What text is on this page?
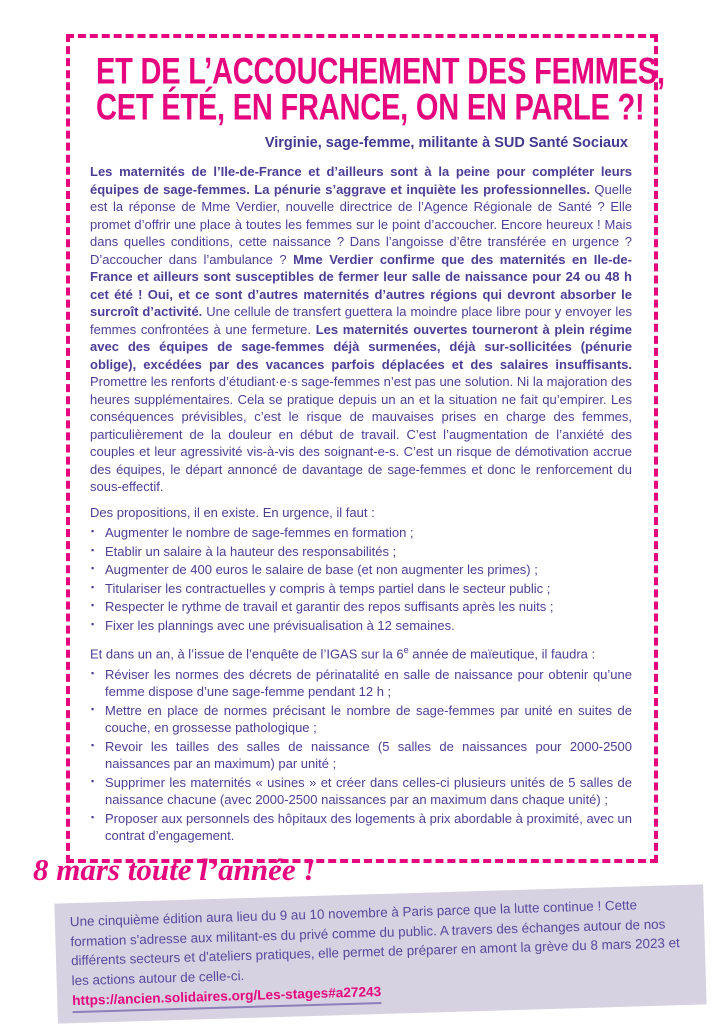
ET DE L’ACCOUCHEMENT DES FEMMES,
CET ÉTÉ, EN FRANCE, ON EN PARLE ?!
Virginie, sage-femme, militante à SUD Santé Sociaux

Les maternités de l’Ile-de-France et d’ailleurs sont à la peine pour compléter leurs équipes de sage-femmes. La pénurie s’aggrave et inquiète les professionnelles. Quelle est la réponse de Mme Verdier, nouvelle directrice de l’Agence Régionale de Santé ? Elle promet d’offrir une place à toutes les femmes sur le point d’accoucher. Encore heureux ! Mais dans quelles conditions, cette naissance ? Dans l’angoisse d’être transférée en urgence ? D’accoucher dans l’ambulance ? Mme Verdier confirme que des maternités en Ile-de-France et ailleurs sont susceptibles de fermer leur salle de naissance pour 24 ou 48 h cet été ! Oui, et ce sont d’autres maternités d’autres régions qui devront absorber le surcroît d’activité. Une cellule de transfert guettera la moindre place libre pour y envoyer les femmes confrontées à une fermeture. Les maternités ouvertes tourneront à plein régime avec des équipes de sage-femmes déjà surmenées, déjà sur-sollicitées (pénurie oblige), excédées par des vacances parfois déplacées et des salaires insuffisants. Promettre les renforts d’étudiant·e·s sage-femmes n’est pas une solution. Ni la majoration des heures supplémentaires. Cela se pratique depuis un an et la situation ne fait qu’empirer. Les conséquences prévisibles, c’est le risque de mauvaises prises en charge des femmes, particulièrement de la douleur en début de travail. C’est l’augmentation de l’anxiété des couples et leur agressivité vis-à-vis des soignant-e-s. C’est un risque de démotivation accrue des équipes, le départ annoncé de davantage de sage-femmes et donc le renforcement du sous-effectif.

Des propositions, il en existe. En urgence, il faut :

▪ Augmenter le nombre de sage-femmes en formation ;
▪ Etablir un salaire à la hauteur des responsabilités ;
▪ Augmenter de 400 euros le salaire de base (et non augmenter les primes) ;
▪ Titulariser les contractuelles y compris à temps partiel dans le secteur public ;
▪ Respecter le rythme de travail et garantir des repos suffisants après les nuits ;
▪ Fixer les plannings avec une prévisualisation à 12 semaines.

Et dans un an, à l’issue de l’enquête de l’IGAS sur la 6e année de maïeutique, il faudra :

▪ Réviser les normes des décrets de périnatalité en salle de naissance pour obtenir qu’une femme dispose d’une sage-femme pendant 12 h ;
▪ Mettre en place de normes précisant le nombre de sage-femmes par unité en suites de couche, en grossesse pathologique ;
▪ Revoir les tailles des salles de naissance (5 salles de naissances pour 2000-2500 naissances par an maximum) par unité ;
▪ Supprimer les maternités « usines » et créer dans celles-ci plusieurs unités de 5 salles de naissance chacune (avec 2000-2500 naissances par an maximum dans chaque unité) ;
▪ Proposer aux personnels des hôpitaux des logements à prix abordable à proximité, avec un contrat d’engagement.
8 mars toute l’année !

Une cinquième édition aura lieu du 9 au 10 novembre à Paris parce que la lutte continue ! Cette formation s'adresse aux militant-es du privé comme du public. A travers des échanges autour de nos différents secteurs et d'ateliers pratiques, elle permet de préparer en amont la grève du 8 mars 2023 et les actions autour de celle-ci.

https://ancien.solidaires.org/Les-stages#a27243
